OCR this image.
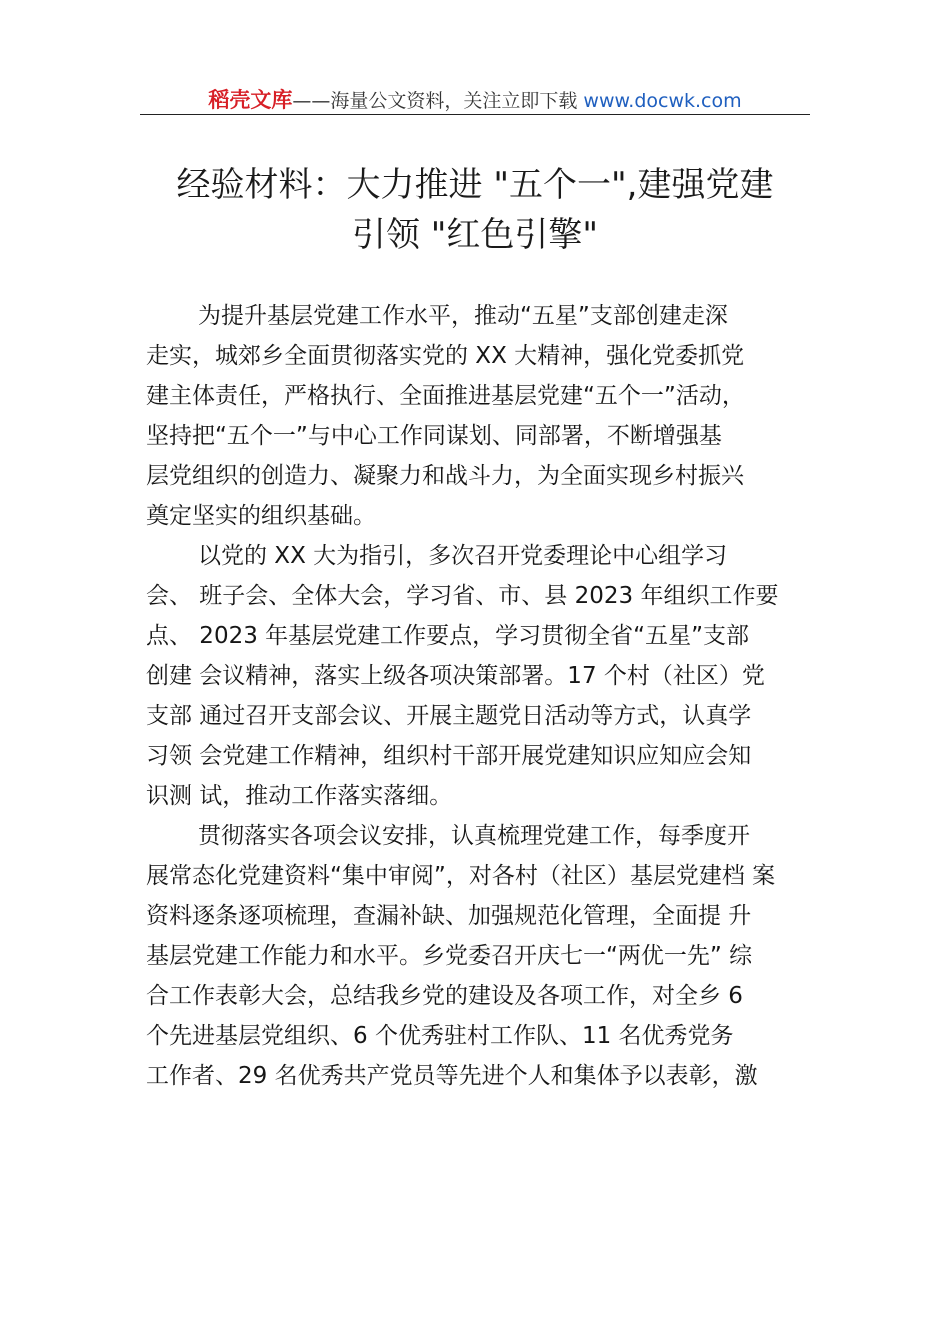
稻壳文库——海量公文资料，关注立即下载 www.docwk.com
经验材料：大力推进 "五个一",建强党建
引领 "红色引擎"
为提升基层党建工作水平，推动“五星”支部创建走深
走实，城郊乡全面贯彻落实党的 XX 大精神，强化党委抓党
建主体责任，严格执行、全面推进基层党建“五个一”活动，
坚持把“五个一”与中心工作同谋划、同部署，不断增强基
层党组织的创造力、凝聚力和战斗力，为全面实现乡村振兴
奠定坚实的组织基础。
以党的 XX 大为指引，多次召开党委理论中心组学习
会、 班子会、全体大会，学习省、市、县 2023 年组织工作要
点、 2023 年基层党建工作要点，学习贯彻全省“五星”支部
创建 会议精神，落实上级各项决策部署。17 个村（社区）党
支部 通过召开支部会议、开展主题党日活动等方式，认真学
习领 会党建工作精神，组织村干部开展党建知识应知应会知
识测 试，推动工作落实落细。
贯彻落实各项会议安排，认真梳理党建工作，每季度开
展常态化党建资料“集中审阅”，对各村（社区）基层党建档 案
资料逐条逐项梳理，查漏补缺、加强规范化管理，全面提 升
基层党建工作能力和水平。乡党委召开庆七一“两优一先” 综
合工作表彰大会，总结我乡党的建设及各项工作，对全乡 6
个先进基层党组织、6 个优秀驻村工作队、11 名优秀党务
工作者、29 名优秀共产党员等先进个人和集体予以表彰，激
